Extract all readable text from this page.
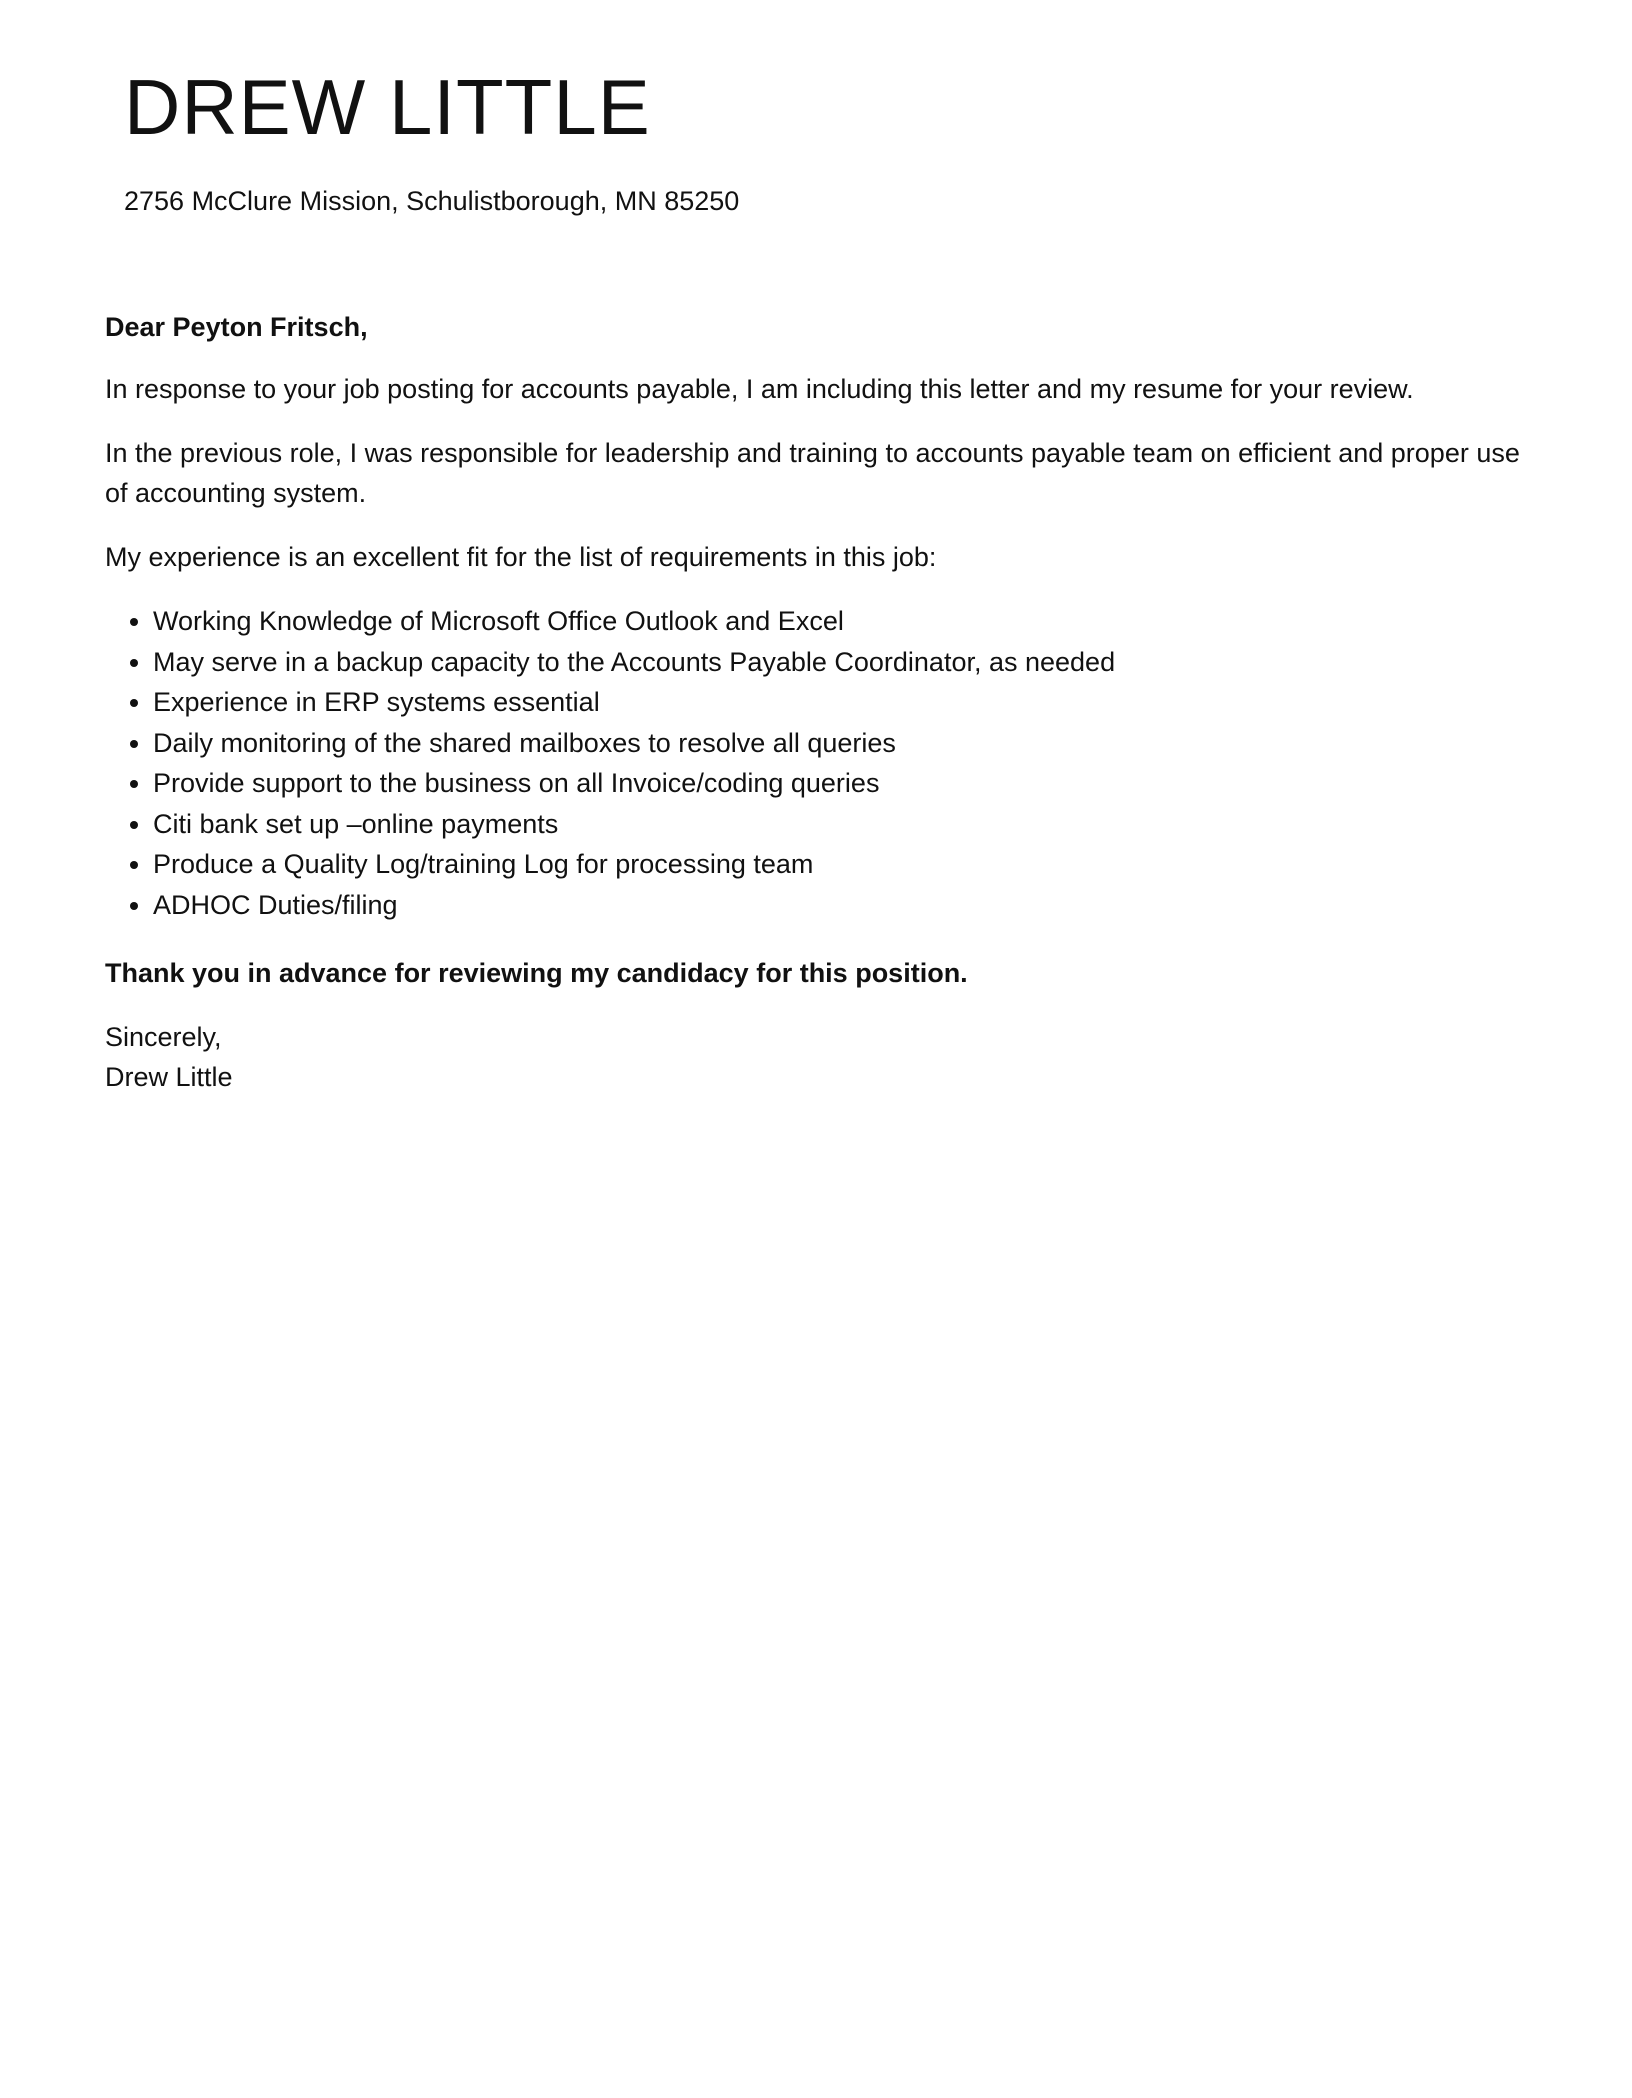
DREW LITTLE

2756 McClure Mission, Schulistborough, MN 85250

Dear Peyton Fritsch,

In response to your job posting for accounts payable, I am including this letter and my resume for your review.

In the previous role, I was responsible for leadership and training to accounts payable team on efficient and proper use of accounting system.

My experience is an excellent fit for the list of requirements in this job:

• Working Knowledge of Microsoft Office Outlook and Excel
• May serve in a backup capacity to the Accounts Payable Coordinator, as needed
• Experience in ERP systems essential
• Daily monitoring of the shared mailboxes to resolve all queries
• Provide support to the business on all Invoice/coding queries
• Citi bank set up –online payments
• Produce a Quality Log/training Log for processing team
• ADHOC Duties/filing

Thank you in advance for reviewing my candidacy for this position.

Sincerely,
Drew Little
